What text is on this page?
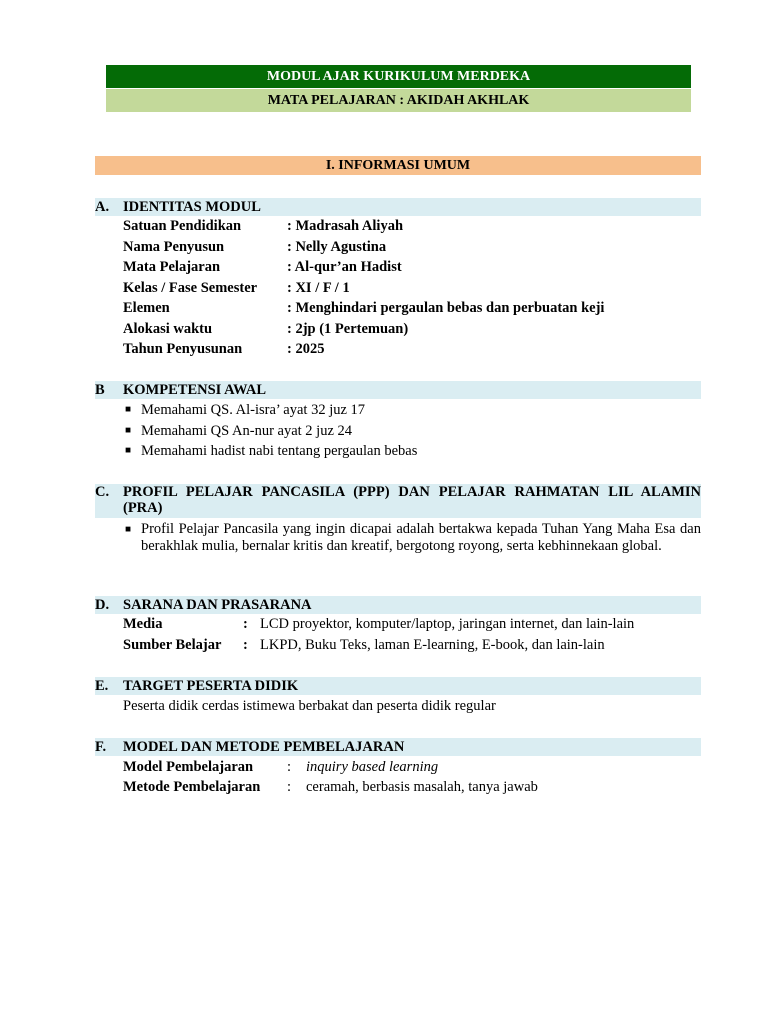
MODUL AJAR KURIKULUM MERDEKA
MATA PELAJARAN : AKIDAH AKHLAK
I. INFORMASI UMUM
A. IDENTITAS MODUL
Satuan Pendidikan	: Madrasah Aliyah
Nama Penyusun	: Nelly Agustina
Mata Pelajaran	: Al-qur’an Hadist
Kelas / Fase Semester : XI / F / 1
Elemen	: Menghindari pergaulan bebas dan perbuatan keji
Alokasi waktu	: 2jp (1 Pertemuan)
Tahun Penyusunan	: 2025
B KOMPETENSI AWAL
■ Memahami QS. Al-isra’ ayat 32 juz 17
■ Memahami QS An-nur ayat 2 juz 24
■ Memahami hadist nabi tentang pergaulan bebas
C. PROFIL PELAJAR PANCASILA (PPP) DAN PELAJAR RAHMATAN LIL ALAMIN (PRA)
■ Profil Pelajar Pancasila yang ingin dicapai adalah bertakwa kepada Tuhan Yang Maha Esa dan berakhlak mulia, bernalar kritis dan kreatif, bergotong royong, serta kebhinnekaan global.
D. SARANA DAN PRASARANA
Media	: LCD proyektor, komputer/laptop, jaringan internet, dan lain-lain
Sumber Belajar : LKPD, Buku Teks, laman E-learning, E-book, dan lain-lain
E. TARGET PESERTA DIDIK
Peserta didik cerdas istimewa berbakat dan peserta didik regular
F. MODEL DAN METODE PEMBELAJARAN
Model Pembelajaran : inquiry based learning
Metode Pembelajaran : ceramah, berbasis masalah, tanya jawab
